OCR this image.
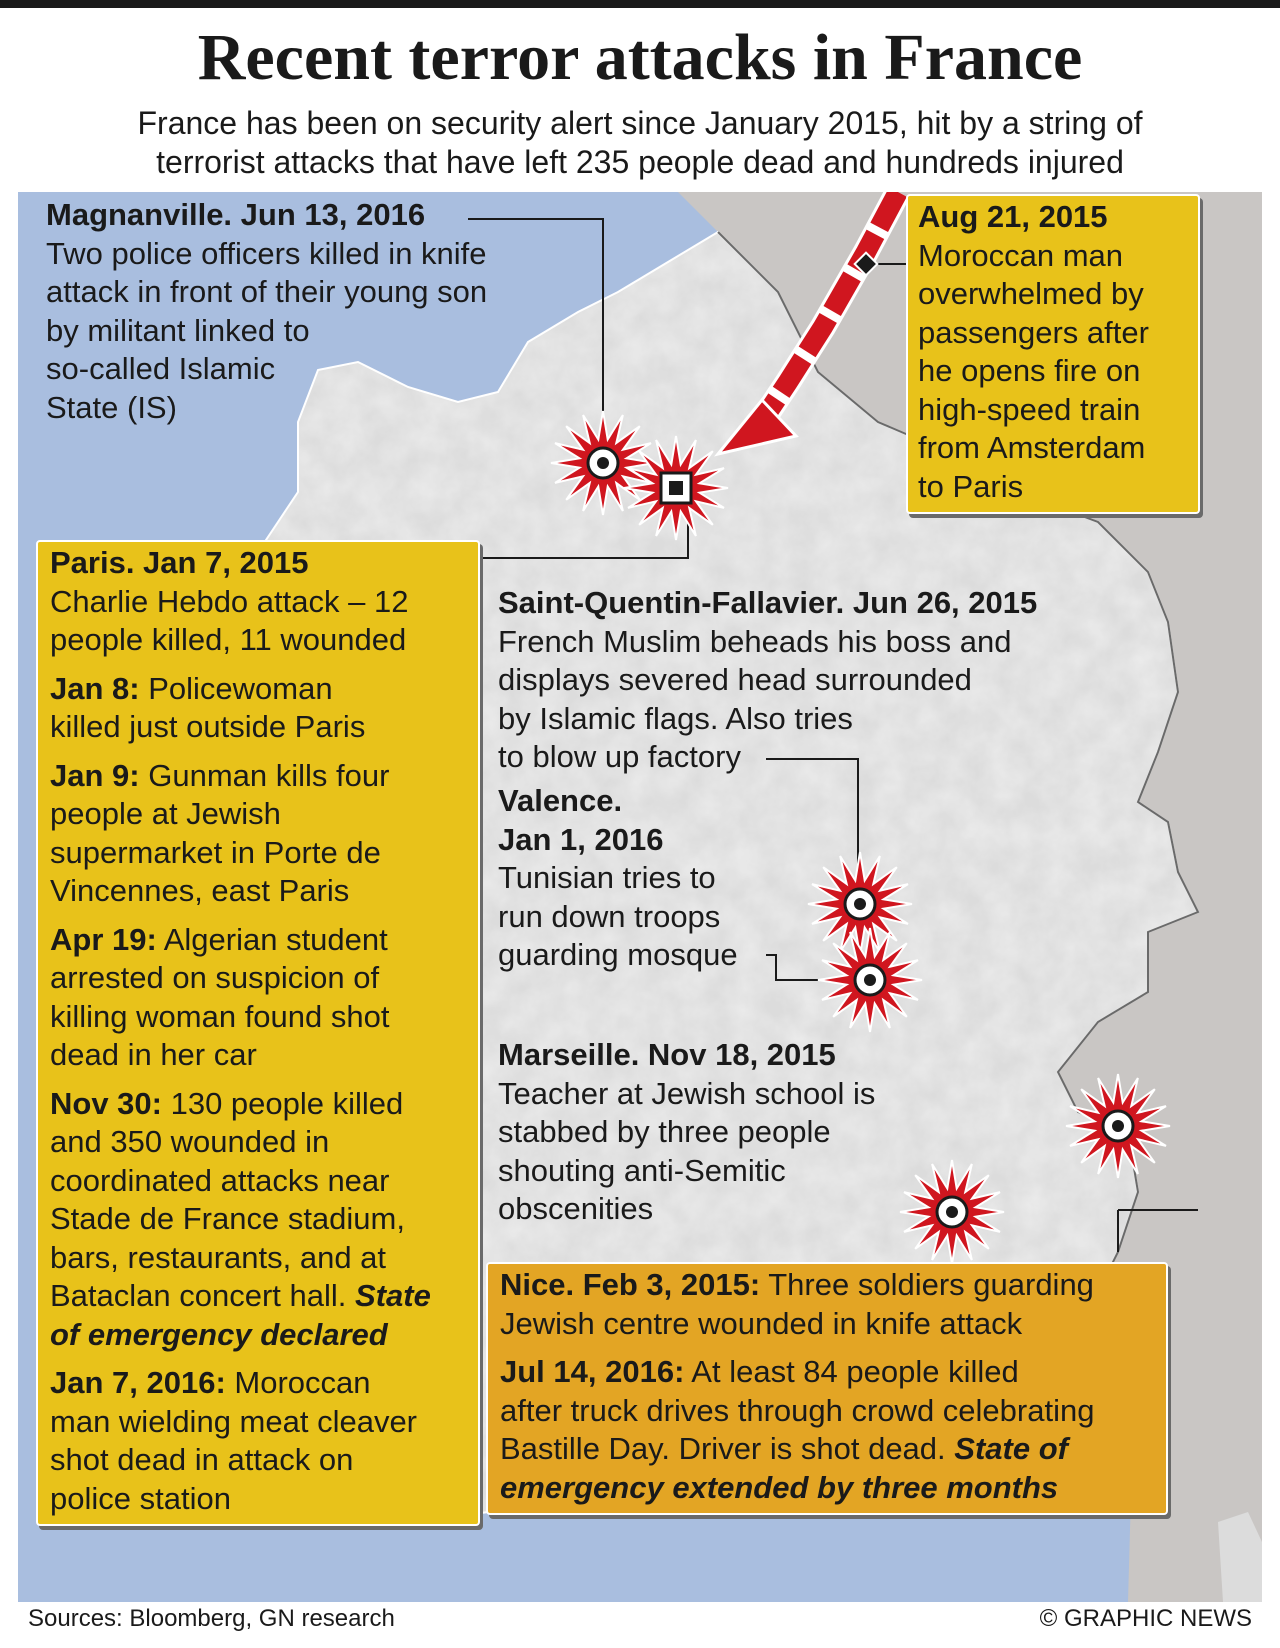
Recent terror attacks in France
France has been on security alert since January 2015, hit by a string of
terrorist attacks that have left 235 people dead and hundreds injured
Magnanville. Jun 13, 2016
Two police officers killed in knife
attack in front of their young son
by militant linked to
so-called Islamic
State (IS)
Aug 21, 2015
Moroccan man
overwhelmed by
passengers after
he opens fire on
high-speed train
from Amsterdam
to Paris
Paris. Jan 7, 2015
Charlie Hebdo attack – 12
people killed, 11 wounded
Jan 8: Policewoman
killed just outside Paris
Jan 9: Gunman kills four
people at Jewish
supermarket in Porte de
Vincennes, east Paris
Apr 19: Algerian student
arrested on suspicion of
killing woman found shot
dead in her car
Nov 30: 130 people killed
and 350 wounded in
coordinated attacks near
Stade de France stadium,
bars, restaurants, and at
Bataclan concert hall. State
of emergency declared
Jan 7, 2016: Moroccan
man wielding meat cleaver
shot dead in attack on
police station
Saint-Quentin-Fallavier. Jun 26, 2015
French Muslim beheads his boss and
displays severed head surrounded
by Islamic flags. Also tries
to blow up factory
Valence.
Jan 1, 2016
Tunisian tries to
run down troops
guarding mosque
Marseille. Nov 18, 2015
Teacher at Jewish school is
stabbed by three people
shouting anti-Semitic
obscenities
Nice. Feb 3, 2015: Three soldiers guarding
Jewish centre wounded in knife attack
Jul 14, 2016: At least 84 people killed
after truck drives through crowd celebrating
Bastille Day. Driver is shot dead. State of
emergency extended by three months
Sources: Bloomberg, GN research	© GRAPHIC NEWS
